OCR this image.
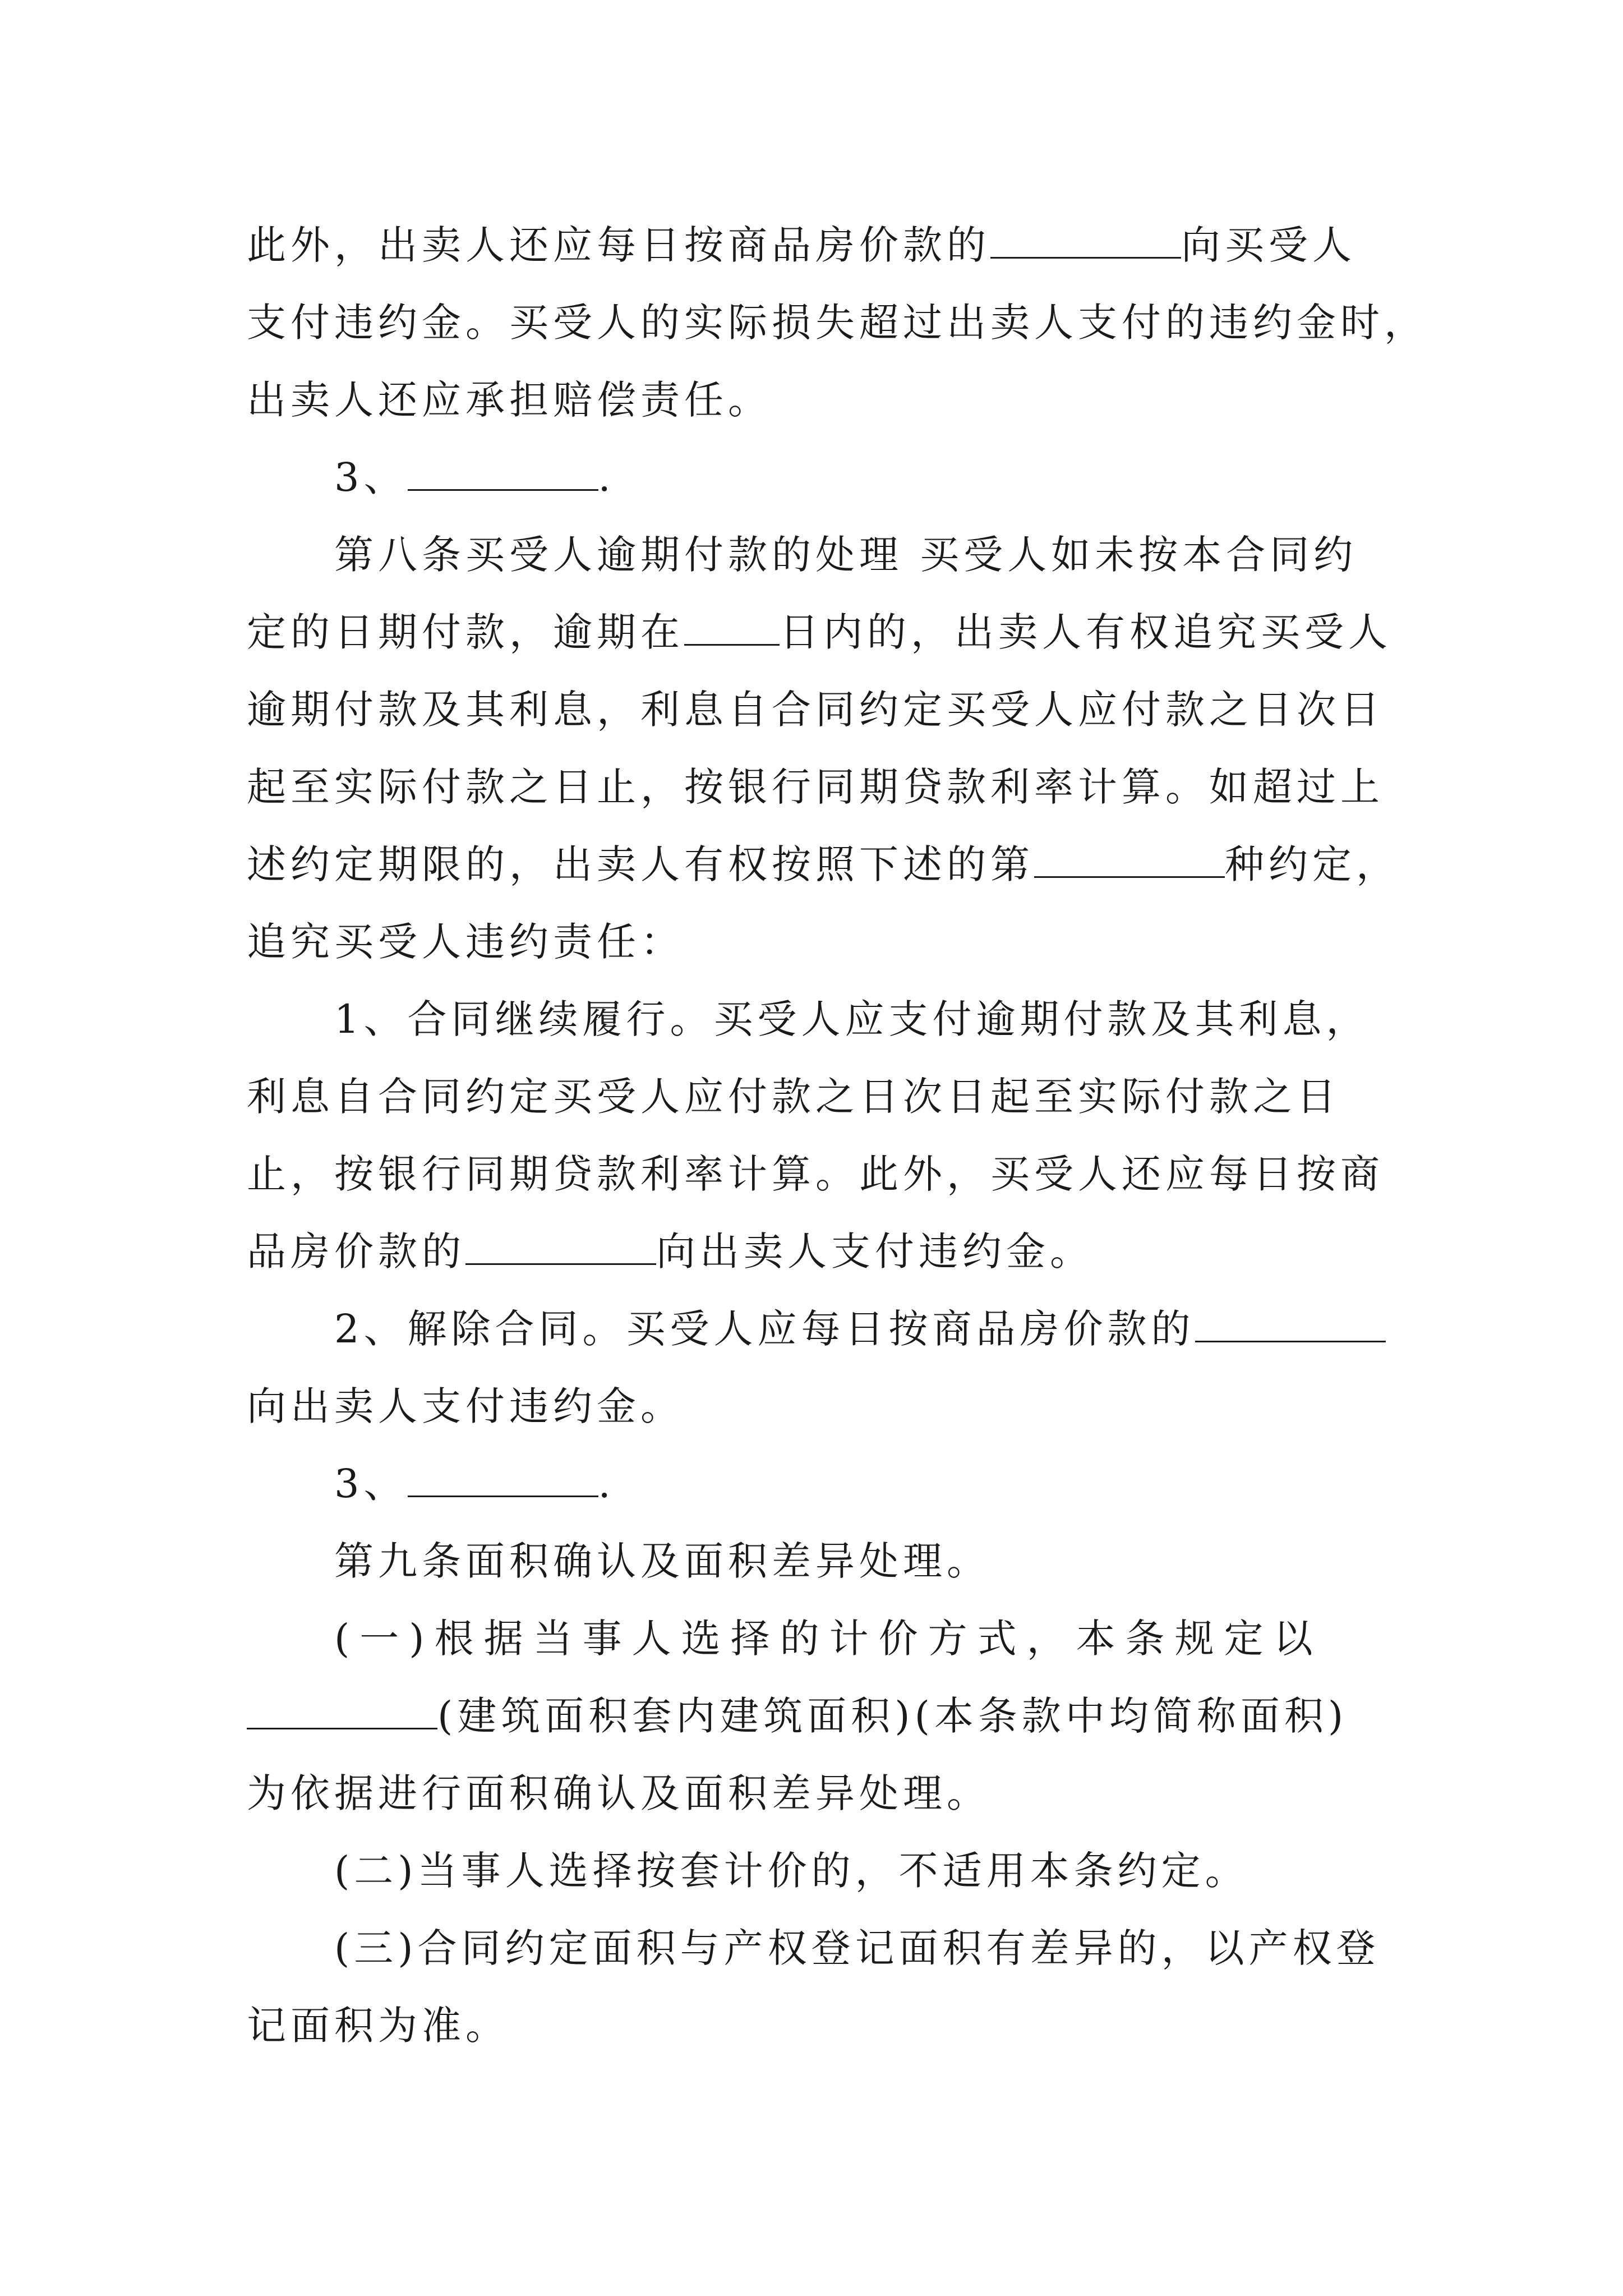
此外，出卖人还应每日按商品房价款的	向买受人
支付违约金。买受人的实际损失超过出卖人支付的违约金时，
出卖人还应承担赔偿责任。
3、	.
第八条买受人逾期付款的处理 买受人如未按本合同约
定的日期付款，逾期在 日内的，出卖人有权追究买受人
逾期付款及其利息，利息自合同约定买受人应付款之日次日
起至实际付款之日止，按银行同期贷款利率计算。如超过上
述约定期限的，出卖人有权按照下述的第	种约定，
追究买受人违约责任：
1、合同继续履行。买受人应支付逾期付款及其利息，
利息自合同约定买受人应付款之日次日起至实际付款之日
止，按银行同期贷款利率计算。此外，买受人还应每日按商
品房价款的	向出卖人支付违约金。
2、解除合同。买受人应每日按商品房价款的
向出卖人支付违约金。
3、	.
第九条面积确认及面积差异处理。
(一)根据当事人选择的计价方式，本条规定以
(建筑面积套内建筑面积)(本条款中均简称面积)
为依据进行面积确认及面积差异处理。
(二)当事人选择按套计价的，不适用本条约定。
(三)合同约定面积与产权登记面积有差异的，以产权登
记面积为准。
